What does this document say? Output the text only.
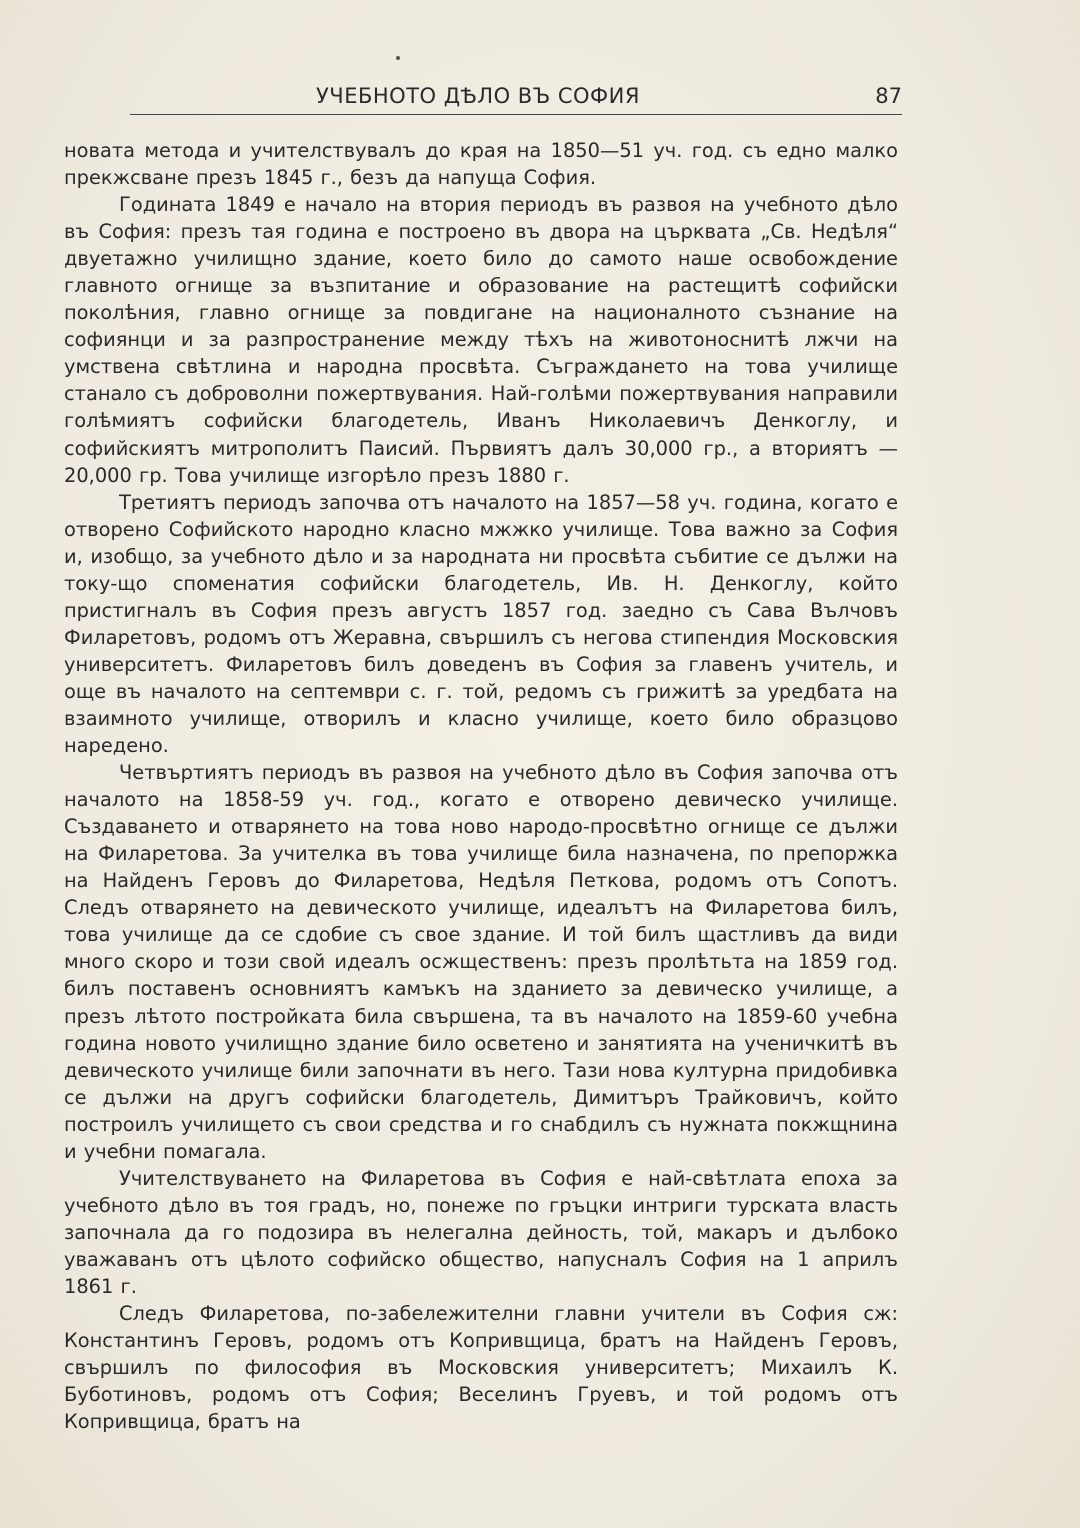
УЧЕБНОТО ДѢЛО ВЪ СОФИЯ	87

новата метода и учителствувалъ до края на 1850—51 уч. год. съ едно малко прекжсване презъ 1845 г., безъ да напуща София.

Годината 1849 е начало на втория периодъ въ развоя на учебното дѣло въ София: презъ тая година е построено въ двора на църквата „Св. Недѣля“ двуетажно училищно здание, което било до самото наше освобождение главното огнище за възпитание и образование на растещитѣ софийски поколѣния, главно огнище за повдигане на националното съзнание на софиянци и за разпространение между тѣхъ на животоноснитѣ лжчи на умствена свѣтлина и народна просвѣта. Съграждането на това училище станало съ доброволни пожертвувания. Най-голѣми пожертвувания направили голѣмиятъ софийски благодетель, Иванъ Николаевичъ Денкоглу, и софийскиятъ митрополитъ Паисий. Първиятъ далъ 30,000 гр., а вториятъ — 20,000 гр. Това училище изгорѣло презъ 1880 г.

Третиятъ периодъ започва отъ началото на 1857—58 уч. година, когато е отворено Софийското народно класно мжжко училище. Това важно за София и, изобщо, за учебното дѣло и за народната ни просвѣта събитие се дължи на току-що споменатия софийски благодетель, Ив. Н. Денкоглу, който пристигналъ въ София презъ августъ 1857 год. заедно съ Сава Вълчовъ Филаретовъ, родомъ отъ Жеравна, свършилъ съ негова стипендия Московския университетъ. Филаретовъ билъ доведенъ въ София за главенъ учитель, и още въ началото на септември с. г. той, редомъ съ грижитѣ за уредбата на взаимното училище, отворилъ и класно училище, което било образцово наредено.

Четвъртиятъ периодъ въ развоя на учебното дѣло въ София започва отъ началото на 1858-59 уч. год., когато е отворено девическо училище. Създаването и отварянето на това ново народо-просвѣтно огнище се дължи на Филаретова. За учителка въ това училище била назначена, по препоржка на Найденъ Геровъ до Филаретова, Недѣля Петкова, родомъ отъ Сопотъ. Следъ отварянето на девическото училище, идеалътъ на Филаретова билъ, това училище да се сдобие съ свое здание. И той билъ щастливъ да види много скоро и този свой идеалъ осжщественъ: презъ пролѣтьта на 1859 год. билъ поставенъ основниятъ камъкъ на зданието за девическо училище, а презъ лѣтото постройката била свършена, та въ началото на 1859-60 учебна година новото училищно здание било осветено и занятията на ученичкитѣ въ девическото училище били започнати въ него. Тази нова културна придобивка се дължи на другъ софийски благодетель, Димитъръ Трайковичъ, който построилъ училището съ свои средства и го снабдилъ съ нужната покжщнина и учебни помагала.

Учителствуването на Филаретова въ София е най-свѣтлата епоха за учебното дѣло въ тоя градъ, но, понеже по гръцки интриги турската власть започнала да го подозира въ нелегална дейность, той, макаръ и дълбоко уважаванъ отъ цѣлото софийско общество, напусналъ София на 1 априлъ 1861 г.

Следъ Филаретова, по-забележителни главни учители въ София сж: Константинъ Геровъ, родомъ отъ Копривщица, братъ на Найденъ Геровъ, свършилъ по философия въ Московския университетъ; Михаилъ К. Буботиновъ, родомъ отъ София; Веселинъ Груевъ, и той родомъ отъ Копривщица, братъ на
